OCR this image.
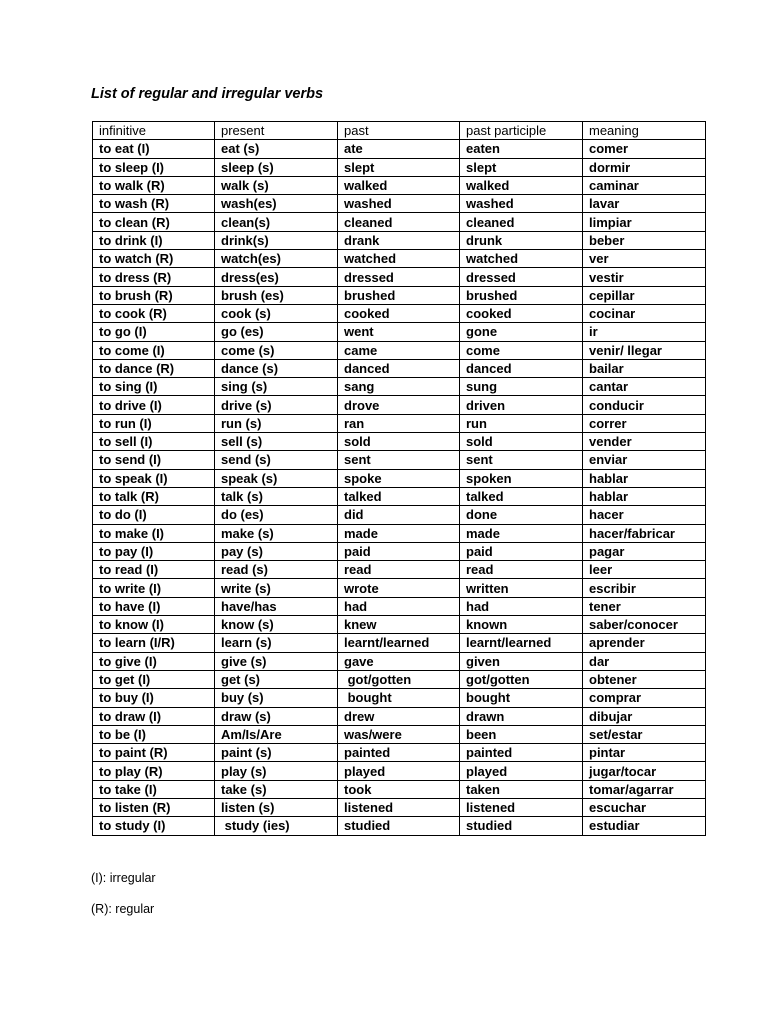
List of regular and irregular verbs
infinitive	present	past	past participle	meaning
to eat (I)	eat (s)	ate	eaten	comer
to sleep (I)	sleep (s)	slept	slept	dormir
to walk (R)	walk (s)	walked	walked	caminar
to wash (R)	wash(es)	washed	washed	lavar
to clean (R)	clean(s)	cleaned	cleaned	limpiar
to drink (I)	drink(s)	drank	drunk	beber
to watch (R)	watch(es)	watched	watched	ver
to dress (R)	dress(es)	dressed	dressed	vestir
to brush (R)	brush (es)	brushed	brushed	cepillar
to cook (R)	cook (s)	cooked	cooked	cocinar
to go (I)	go (es)	went	gone	ir
to come (I)	come (s)	came	come	venir/ llegar
to dance (R)	dance (s)	danced	danced	bailar
to sing (I)	sing (s)	sang	sung	cantar
to drive (I)	drive (s)	drove	driven	conducir
to run (I)	run (s)	ran	run	correr
to sell (I)	sell (s)	sold	sold	vender
to send (I)	send (s)	sent	sent	enviar
to speak (I)	speak (s)	spoke	spoken	hablar
to talk (R)	talk (s)	talked	talked	hablar
to do (I)	do (es)	did	done	hacer
to make (I)	make (s)	made	made	hacer/fabricar
to pay (I)	pay (s)	paid	paid	pagar
to read (I)	read (s)	read	read	leer
to write (I)	write (s)	wrote	written	escribir
to have (I)	have/has	had	had	tener
to know (I)	know (s)	knew	known	saber/conocer
to learn (I/R)	learn (s)	learnt/learned	learnt/learned	aprender
to give (I)	give (s)	gave	given	dar
to get (I)	get (s)	got/gotten	got/gotten	obtener
to buy (I)	buy (s)	bought	bought	comprar
to draw (I)	draw (s)	drew	drawn	dibujar
to be (I)	Am/Is/Are	was/were	been	set/estar
to paint (R)	paint (s)	painted	painted	pintar
to play (R)	play (s)	played	played	jugar/tocar
to take (I)	take (s)	took	taken	tomar/agarrar
to listen (R)	listen (s)	listened	listened	escuchar
to study (I)	study (ies)	studied	studied	estudiar
(I): irregular
(R): regular
